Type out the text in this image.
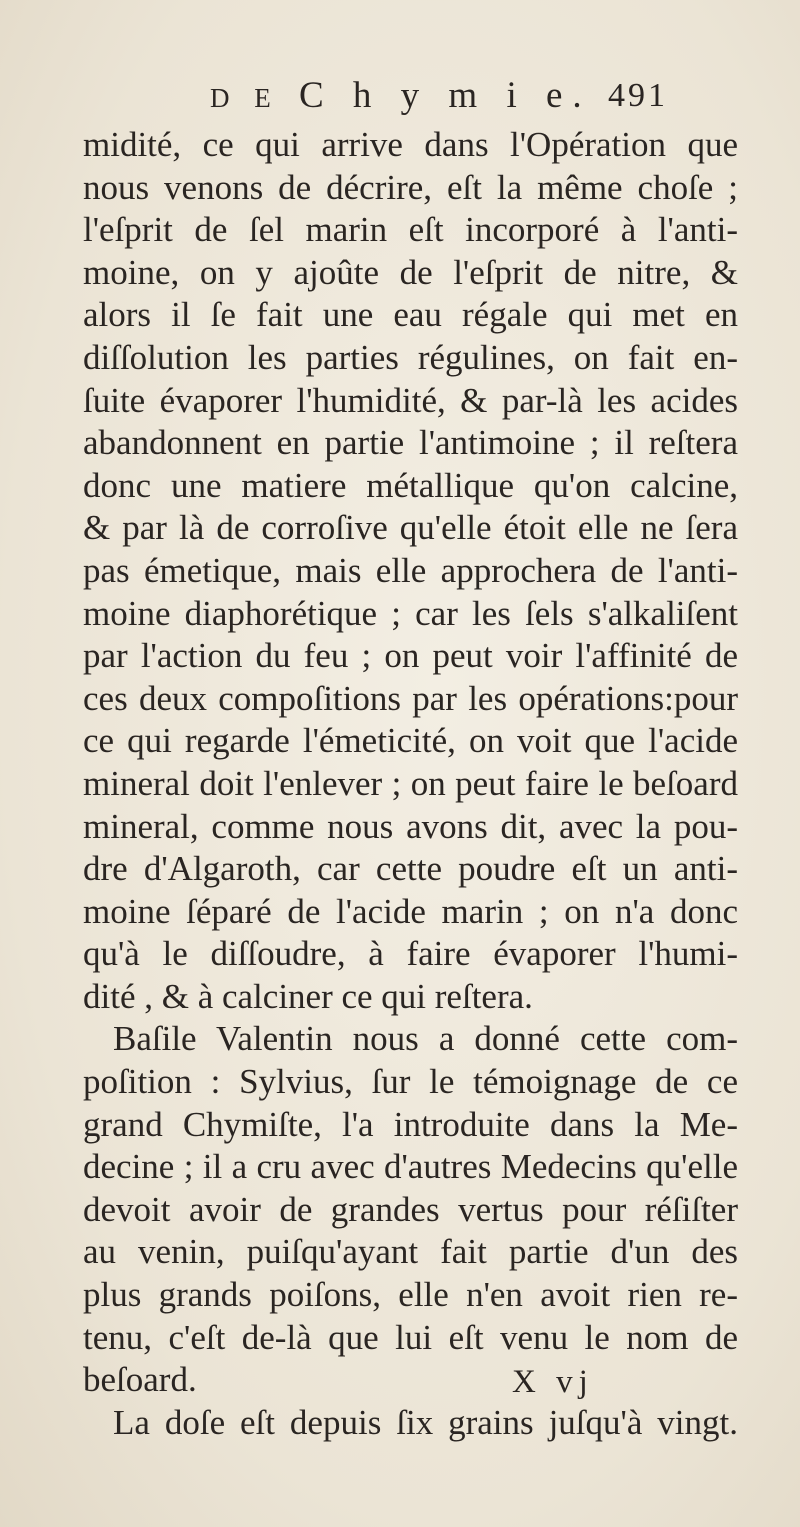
D E C h y m i e. 491
midité, ce qui arrive dans l'Opération que
nous venons de décrire, eſt la même choſe ;
l'eſprit de ſel marin eſt incorporé à l'anti-
moine, on y ajoûte de l'eſprit de nitre, &
alors il ſe fait une eau régale qui met en
diſſolution les parties régulines, on fait en-
ſuite évaporer l'humidité, & par-là les acides
abandonnent en partie l'antimoine ; il reſtera
donc une matiere métallique qu'on calcine,
& par là de corroſive qu'elle étoit elle ne ſera
pas émetique, mais elle approchera de l'anti-
moine diaphorétique ; car les ſels s'alkaliſent
par l'action du feu ; on peut voir l'affinité de
ces deux compoſitions par les opérations:pour
ce qui regarde l'émeticité, on voit que l'acide
mineral doit l'enlever ; on peut faire le beſoard
mineral, comme nous avons dit, avec la pou-
dre d'Algaroth, car cette poudre eſt un anti-
moine ſéparé de l'acide marin ; on n'a donc
qu'à le diſſoudre, à faire évaporer l'humi-
dité , & à calciner ce qui reſtera.
Baſile Valentin nous a donné cette com-
poſition : Sylvius, ſur le témoignage de ce
grand Chymiſte, l'a introduite dans la Me-
decine ; il a cru avec d'autres Medecins qu'elle
devoit avoir de grandes vertus pour réſiſter
au venin, puiſqu'ayant fait partie d'un des
plus grands poiſons, elle n'en avoit rien re-
tenu, c'eſt de-là que lui eſt venu le nom de
beſoard.
La doſe eſt depuis ſix grains juſqu'à vingt.
X vj
